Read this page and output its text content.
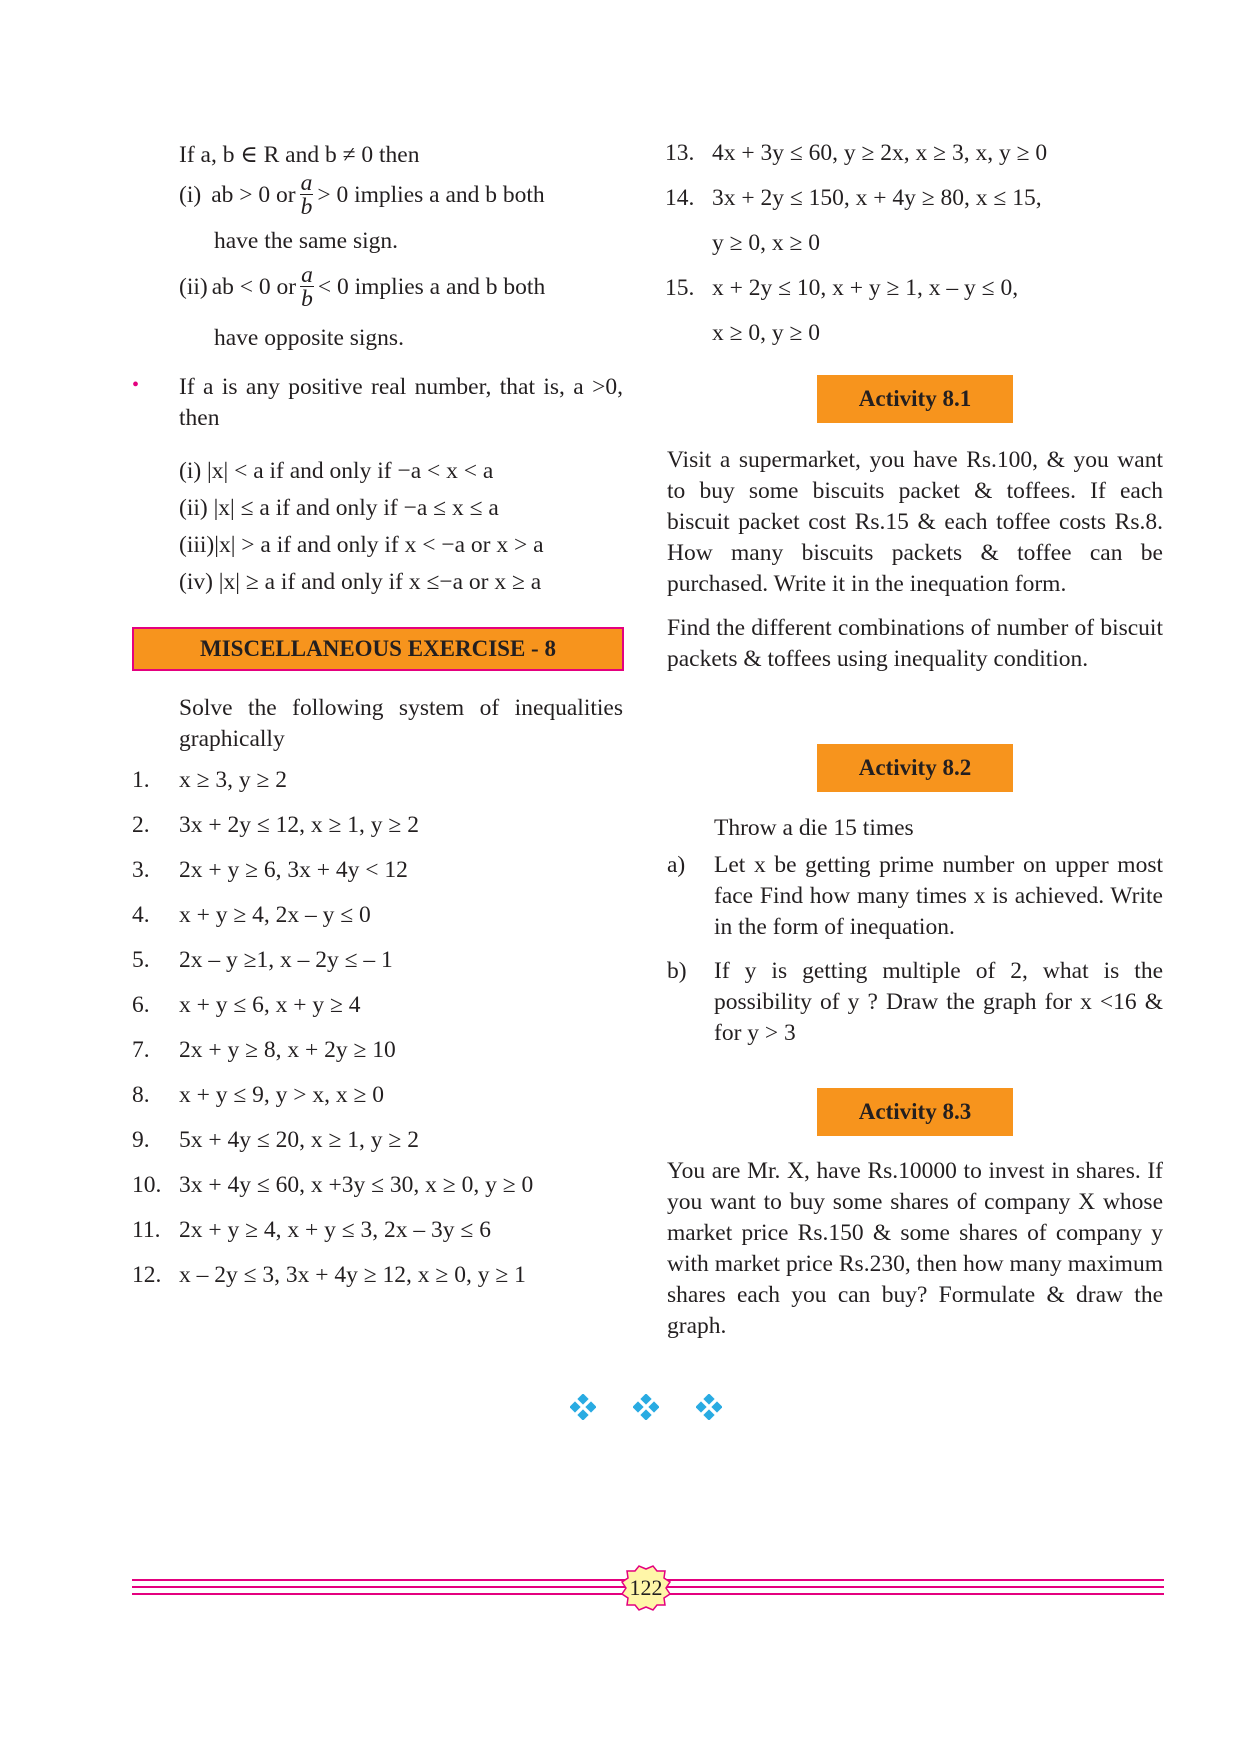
If a, b ∈ R and b ≠ 0 then
(i) ab > 0 or $\frac{a}{b} > 0$ implies a and b both
have the same sign.
(ii) ab < 0 or $\frac{a}{b} < 0$ implies a and b both
have opposite signs.
• If a is any positive real number, that is, a >0, then
(i) |x| < a if and only if −a < x < a
(ii) |x| ≤ a if and only if −a ≤ x ≤ a
(iii)|x| > a if and only if x < −a or x > a
(iv) |x| ≥ a if and only if x ≤−a or x ≥ a
MISCELLANEOUS EXERCISE - 8
Solve the following system of inequalities graphically
1.	x ≥ 3, y ≥ 2
2.	3x + 2y ≤ 12, x ≥ 1, y ≥ 2
3.	2x + y ≥ 6, 3x + 4y < 12
4.	x + y ≥ 4, 2x – y ≤ 0
5.	2x – y ≥1, x – 2y ≤ – 1
6.	x + y ≤ 6, x + y ≥ 4
7.	2x + y ≥ 8, x + 2y ≥ 10
8.	x + y ≤ 9, y > x, x ≥ 0
9.	5x + 4y ≤ 20, x ≥ 1, y ≥ 2
10. 3x + 4y ≤ 60, x +3y ≤ 30, x ≥ 0, y ≥ 0
11. 2x + y ≥ 4, x + y ≤ 3, 2x – 3y ≤ 6
12. x – 2y ≤ 3, 3x + 4y ≥ 12, x ≥ 0, y ≥ 1
13. 4x + 3y ≤ 60, y ≥ 2x, x ≥ 3, x, y ≥ 0
14. 3x + 2y ≤ 150, x + 4y ≥ 80, x ≤ 15,
y ≥ 0, x ≥ 0
15. x + 2y ≤ 10, x + y ≥ 1, x – y ≤ 0,
x ≥ 0, y ≥ 0
Activity 8.1
Visit a supermarket, you have Rs.100, & you want to buy some biscuits packet & toffees. If each biscuit packet cost Rs.15 & each toffee costs Rs.8. How many biscuits packets & toffee can be purchased. Write it in the inequation form.
Find the different combinations of number of biscuit packets & toffees using inequality condition.
Activity 8.2
Throw a die 15 times
a) Let x be getting prime number on upper most face Find how many times x is achieved. Write in the form of inequation.
b) If y is getting multiple of 2, what is the possibility of y ? Draw the graph for x <16 & for y > 3
Activity 8.3
You are Mr. X, have Rs.10000 to invest in shares. If you want to buy some shares of company X whose market price Rs.150 & some shares of company y with market price Rs.230, then how many maximum shares each you can buy? Formulate & draw the graph.
122
